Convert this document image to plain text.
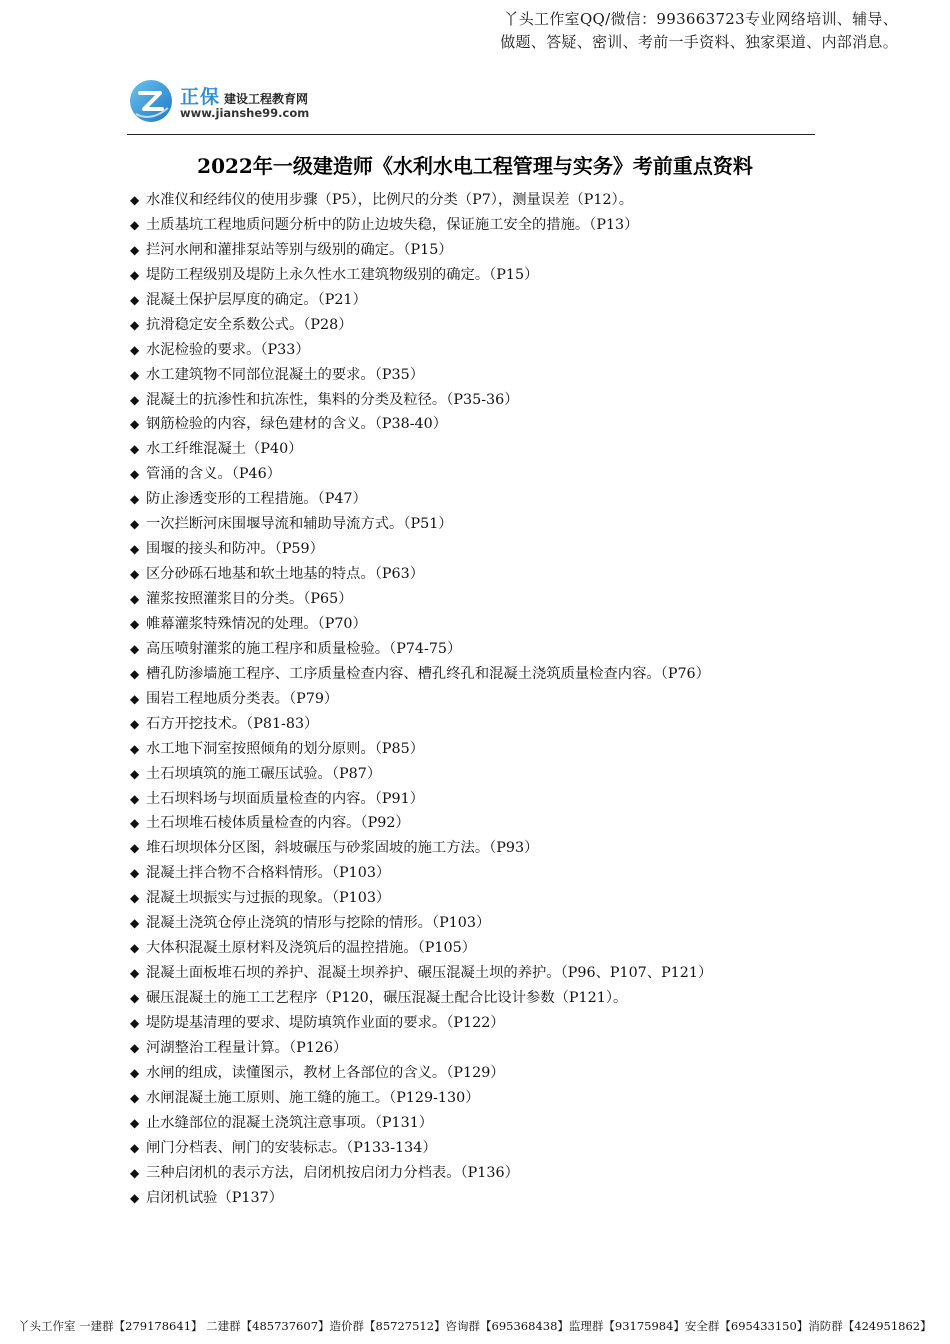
丫头工作室QQ/微信：993663723专业网络培训、辅导、
做题、答疑、密训、考前一手资料、独家渠道、内部消息。
正保 建设工程教育网
www.jianshe99.com
2022年一级建造师《水利水电工程管理与实务》考前重点资料
◆ 水准仪和经纬仪的使用步骤（P5），比例尺的分类（P7），测量误差（P12）。
◆ 土质基坑工程地质问题分析中的防止边坡失稳，保证施工安全的措施。（P13）
◆ 拦河水闸和灌排泵站等别与级别的确定。（P15）
◆ 堤防工程级别及堤防上永久性水工建筑物级别的确定。（P15）
◆ 混凝土保护层厚度的确定。（P21）
◆ 抗滑稳定安全系数公式。（P28）
◆ 水泥检验的要求。（P33）
◆ 水工建筑物不同部位混凝土的要求。（P35）
◆ 混凝土的抗渗性和抗冻性，集料的分类及粒径。（P35-36）
◆ 钢筋检验的内容，绿色建材的含义。（P38-40）
◆ 水工纤维混凝土（P40）
◆ 管涌的含义。（P46）
◆ 防止渗透变形的工程措施。（P47）
◆ 一次拦断河床围堰导流和辅助导流方式。（P51）
◆ 围堰的接头和防冲。（P59）
◆ 区分砂砾石地基和软土地基的特点。（P63）
◆ 灌浆按照灌浆目的分类。（P65）
◆ 帷幕灌浆特殊情况的处理。（P70）
◆ 高压喷射灌浆的施工程序和质量检验。（P74-75）
◆ 槽孔防渗墙施工程序、工序质量检查内容、槽孔终孔和混凝土浇筑质量检查内容。（P76）
◆ 围岩工程地质分类表。（P79）
◆ 石方开挖技术。（P81-83）
◆ 水工地下洞室按照倾角的划分原则。（P85）
◆ 土石坝填筑的施工碾压试验。（P87）
◆ 土石坝料场与坝面质量检查的内容。（P91）
◆ 土石坝堆石棱体质量检查的内容。（P92）
◆ 堆石坝坝体分区图，斜坡碾压与砂浆固坡的施工方法。（P93）
◆ 混凝土拌合物不合格料情形。（P103）
◆ 混凝土坝振实与过振的现象。（P103）
◆ 混凝土浇筑仓停止浇筑的情形与挖除的情形。（P103）
◆ 大体积混凝土原材料及浇筑后的温控措施。（P105）
◆ 混凝土面板堆石坝的养护、混凝土坝养护、碾压混凝土坝的养护。（P96、P107、P121）
◆ 碾压混凝土的施工工艺程序（P120，碾压混凝土配合比设计参数（P121）。
◆ 堤防堤基清理的要求、堤防填筑作业面的要求。（P122）
◆ 河湖整治工程量计算。（P126）
◆ 水闸的组成，读懂图示，教材上各部位的含义。（P129）
◆ 水闸混凝土施工原则、施工缝的施工。（P129-130）
◆ 止水缝部位的混凝土浇筑注意事项。（P131）
◆ 闸门分档表、闸门的安装标志。（P133-134）
◆ 三种启闭机的表示方法，启闭机按启闭力分档表。（P136）
◆ 启闭机试验（P137）
丫头工作室 一建群【279178641】 二建群【485737607】造价群【85727512】咨询群【695368438】监理群【93175984】安全群【695433150】消防群【424951862】
